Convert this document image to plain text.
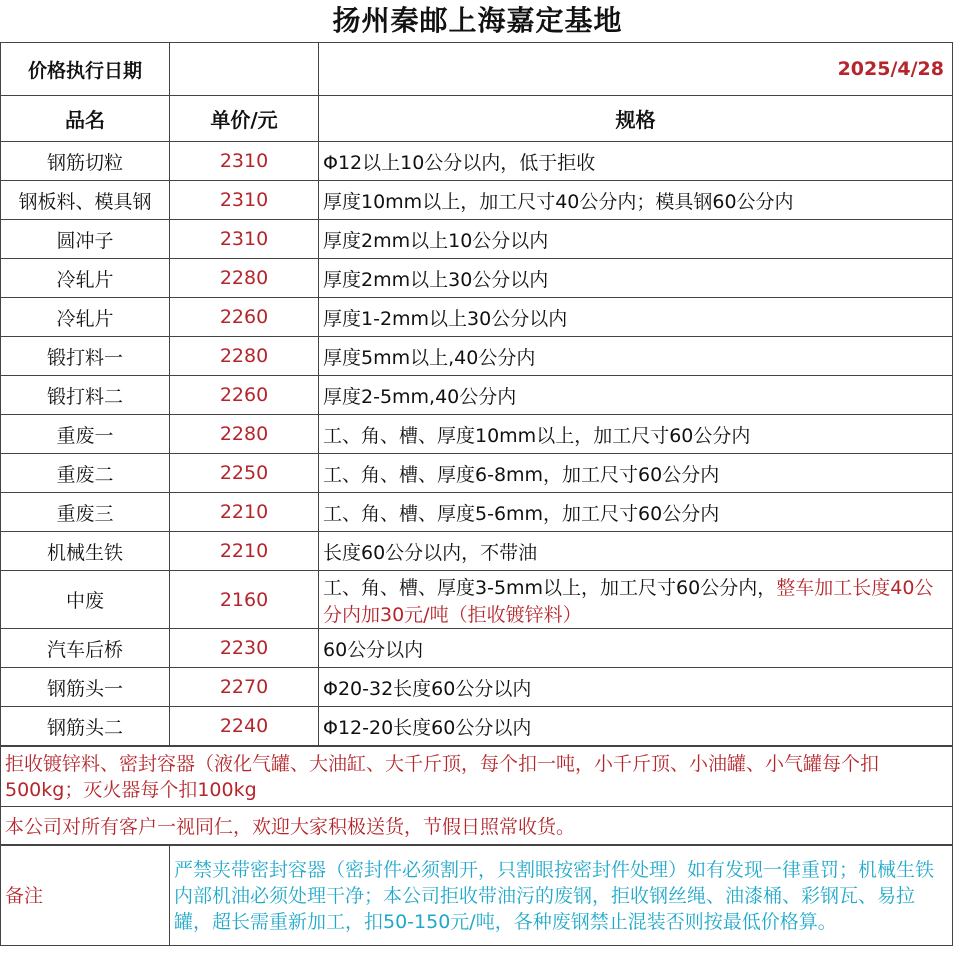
扬州秦邮上海嘉定基地
价格执行日期		2025/4/28
品名	单价/元	规格
钢筋切粒	2310	Φ12以上10公分以内，低于拒收
钢板料、模具钢	2310	厚度10mm以上，加工尺寸40公分内；模具钢60公分内
圆冲子	2310	厚度2mm以上10公分以内
冷轧片	2280	厚度2mm以上30公分以内
冷轧片	2260	厚度1-2mm以上30公分以内
锻打料一	2280	厚度5mm以上,40公分内
锻打料二	2260	厚度2-5mm,40公分内
重废一	2280	工、角、槽、厚度10mm以上，加工尺寸60公分内
重废二	2250	工、角、槽、厚度6-8mm，加工尺寸60公分内
重废三	2210	工、角、槽、厚度5-6mm，加工尺寸60公分内
机械生铁	2210	长度60公分以内，不带油
中废	2160	工、角、槽、厚度3-5mm以上，加工尺寸60公分内，整车加工长度40公分内加30元/吨（拒收镀锌料）
汽车后桥	2230	60公分以内
钢筋头一	2270	Φ20-32长度60公分以内
钢筋头二	2240	Φ12-20长度60公分以内
拒收镀锌料、密封容器（液化气罐、大油缸、大千斤顶，每个扣一吨，小千斤顶、小油罐、小气罐每个扣500kg；灭火器每个扣100kg
本公司对所有客户一视同仁，欢迎大家积极送货，节假日照常收货。
备注	严禁夹带密封容器（密封件必须割开，只割眼按密封件处理）如有发现一律重罚；机械生铁内部机油必须处理干净；本公司拒收带油污的废钢，拒收钢丝绳、油漆桶、彩钢瓦、易拉罐，超长需重新加工，扣50-150元/吨，各种废钢禁止混装否则按最低价格算。
